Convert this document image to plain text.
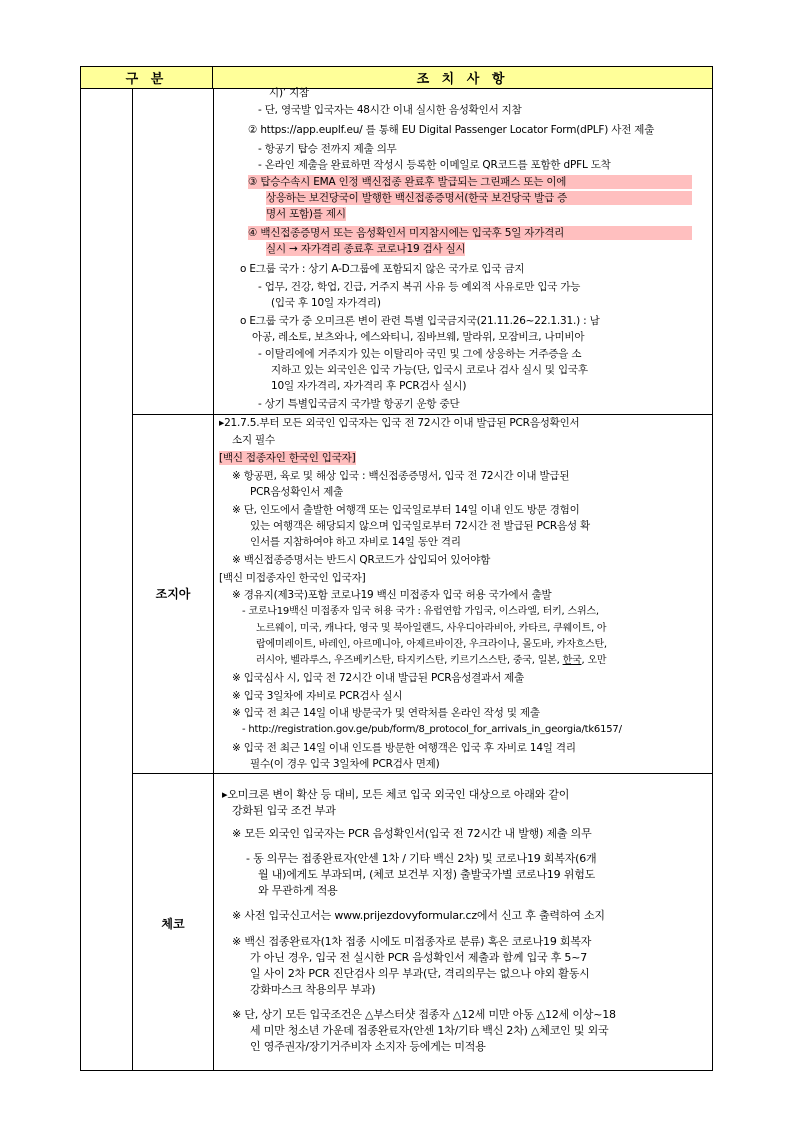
구 분	조 치 사 항
조지아
체코
시)’ 지참
- 단, 영국발 입국자는 48시간 이내 실시한 음성확인서 지참
② https://app.euplf.eu/ 를 통해 EU Digital Passenger Locator Form(dPLF) 사전 제출
- 항공기 탑승 전까지 제출 의무
- 온라인 제출을 완료하면 작성시 등록한 이메일로 QR코드를 포함한 dPFL 도착
③ 탑승수속시 EMA 인정 백신접종 완료후 발급되는 그린패스 또는 이에
상응하는 보건당국이 발행한 백신접종증명서(한국 보건당국 발급 증
명서 포함)를 제시
④ 백신접종증명서 또는 음성확인서 미지참시에는 입국후 5일 자가격리
실시 → 자가격리 종료후 코로나19 검사 실시
o E그룹 국가 : 상기 A-D그룹에 포함되지 않은 국가로 입국 금지
- 업무, 건강, 학업, 긴급, 거주지 복귀 사유 등 예외적 사유로만 입국 가능
(입국 후 10일 자가격리)
o E그룹 국가 중 오미크론 변이 관련 특별 입국금지국(21.11.26~22.1.31.) : 남
아공, 레소토, 보츠와나, 에스와티니, 짐바브웨, 말라위, 모잠비크, 나미비아
- 이탈리에에 거주지가 있는 이탈리아 국민 및 그에 상응하는 거주증을 소
지하고 있는 외국인은 입국 가능(단, 입국시 코로나 검사 실시 및 입국후
10일 자가격리, 자가격리 후 PCR검사 실시)
- 상기 특별입국금지 국가발 항공기 운항 중단
▸21.7.5.부터 모든 외국인 입국자는 입국 전 72시간 이내 발급된 PCR음성확인서
소지 필수
[백신 접종자인 한국인 입국자]
※ 항공편, 육로 및 해상 입국 : 백신접종증명서, 입국 전 72시간 이내 발급된
PCR음성확인서 제출
※ 단, 인도에서 출발한 여행객 또는 입국일로부터 14일 이내 인도 방문 경험이
있는 여행객은 해당되지 않으며 입국일로부터 72시간 전 발급된 PCR음성 확
인서를 지참하여야 하고 자비로 14일 동안 격리
※ 백신접종증명서는 반드시 QR코드가 삽입되어 있어야함
[백신 미접종자인 한국인 입국자]
※ 경유지(제3국)포함 코로나19 백신 미접종자 입국 허용 국가에서 출발
- 코로나19백신 미접종자 입국 허용 국가 : 유럽연합 가입국, 이스라엘, 터키, 스위스,
노르웨이, 미국, 캐나다, 영국 및 북아일랜드, 사우디아라비아, 카타르, 쿠웨이트, 아
랍에미레이트, 바레인, 아르메니아, 아제르바이잔, 우크라이나, 몰도바, 카자흐스탄,
러시아, 벨라루스, 우즈베키스탄, 타지키스탄, 키르기스스탄, 중국, 일본, 한국, 오만
※ 입국심사 시, 입국 전 72시간 이내 발급된 PCR음성결과서 제출
※ 입국 3일차에 자비로 PCR검사 실시
※ 입국 전 최근 14일 이내 방문국가 및 연락처를 온라인 작성 및 제출
- http://registration.gov.ge/pub/form/8_protocol_for_arrivals_in_georgia/tk6157/
※ 입국 전 최근 14일 이내 인도를 방문한 여행객은 입국 후 자비로 14일 격리
필수(이 경우 입국 3일차에 PCR검사 면제)
▸오미크론 변이 확산 등 대비, 모든 체코 입국 외국인 대상으로 아래와 같이
강화된 입국 조건 부과
※ 모든 외국인 입국자는 PCR 음성확인서(입국 전 72시간 내 발행) 제출 의무
- 동 의무는 접종완료자(안센 1차 / 기타 백신 2차) 및 코로나19 회복자(6개
월 내)에게도 부과되며, (체코 보건부 지정) 출발국가별 코로나19 위험도
와 무관하게 적용
※ 사전 입국신고서는 www.prijezdovyformular.cz에서 신고 후 출력하여 소지
※ 백신 접종완료자(1차 접종 시에도 미접종자로 분류) 혹은 코로나19 회복자
가 아닌 경우, 입국 전 실시한 PCR 음성확인서 제출과 함께 입국 후 5~7
일 사이 2차 PCR 진단검사 의무 부과(단, 격리의무는 없으나 야외 활동시
강화마스크 착용의무 부과)
※ 단, 상기 모든 입국조건은 △부스터샷 접종자 △12세 미만 아동 △12세 이상~18
세 미만 청소년 가운데 접종완료자(안센 1차/기타 백신 2차) △체코인 및 외국
인 영주권자/장기거주비자 소지자 등에게는 미적용
